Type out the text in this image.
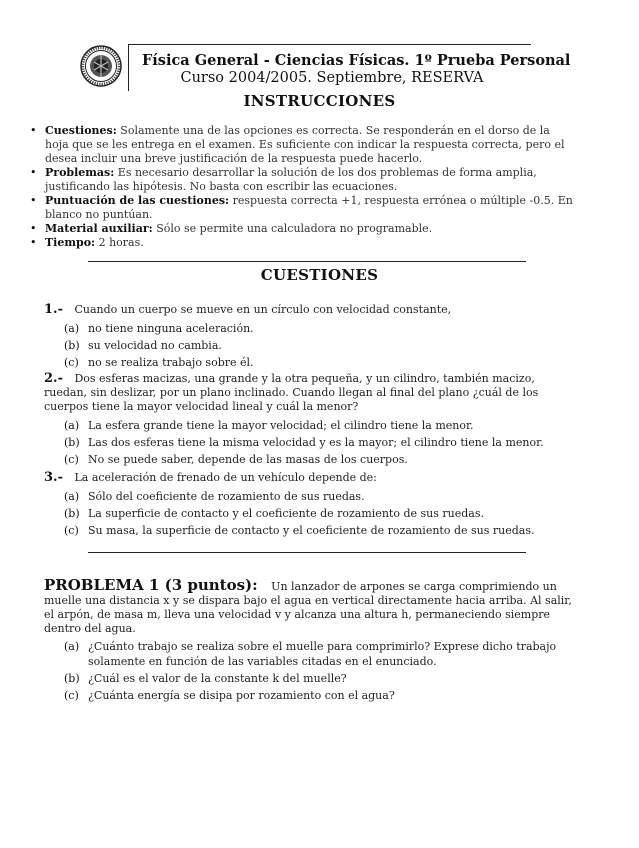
Física General - Ciencias Físicas. 1º Prueba Personal
Curso 2004/2005. Septiembre, RESERVA
INSTRUCCIONES
• Cuestiones: Solamente una de las opciones es correcta. Se responderán en el dorso de la hoja que se les entrega en el examen. Es suficiente con indicar la respuesta correcta, pero el desea incluir una breve justificación de la respuesta puede hacerlo.
• Problemas: Es necesario desarrollar la solución de los dos problemas de forma amplia, justificando las hipótesis. No basta con escribir las ecuaciones.
• Puntuación de las cuestiones: respuesta correcta +1, respuesta errónea o múltiple -0.5. En blanco no puntúan.
• Material auxiliar: Sólo se permite una calculadora no programable.
• Tiempo: 2 horas.
CUESTIONES
1.- Cuando un cuerpo se mueve en un círculo con velocidad constante,
(a) no tiene ninguna aceleración.
(b) su velocidad no cambia.
(c) no se realiza trabajo sobre él.
2.- Dos esferas macizas, una grande y la otra pequeña, y un cilindro, también macizo, ruedan, sin deslizar, por un plano inclinado. Cuando llegan al final del plano ¿cuál de los cuerpos tiene la mayor velocidad lineal y cuál la menor?
(a) La esfera grande tiene la mayor velocidad; el cilindro tiene la menor.
(b) Las dos esferas tiene la misma velocidad y es la mayor; el cilindro tiene la menor.
(c) No se puede saber, depende de las masas de los cuerpos.
3.- La aceleración de frenado de un vehículo depende de:
(a) Sólo del coeficiente de rozamiento de sus ruedas.
(b) La superficie de contacto y el coeficiente de rozamiento de sus ruedas.
(c) Su masa, la superficie de contacto y el coeficiente de rozamiento de sus ruedas.
PROBLEMA 1 (3 puntos): Un lanzador de arpones se carga comprimiendo un muelle una distancia x y se dispara bajo el agua en vertical directamente hacia arriba. Al salir, el arpón, de masa m, lleva una velocidad v y alcanza una altura h, permaneciendo siempre dentro del agua.
(a) ¿Cuánto trabajo se realiza sobre el muelle para comprimirlo? Exprese dicho trabajo solamente en función de las variables citadas en el enunciado.
(b) ¿Cuál es el valor de la constante k del muelle?
(c) ¿Cuánta energía se disipa por rozamiento con el agua?
